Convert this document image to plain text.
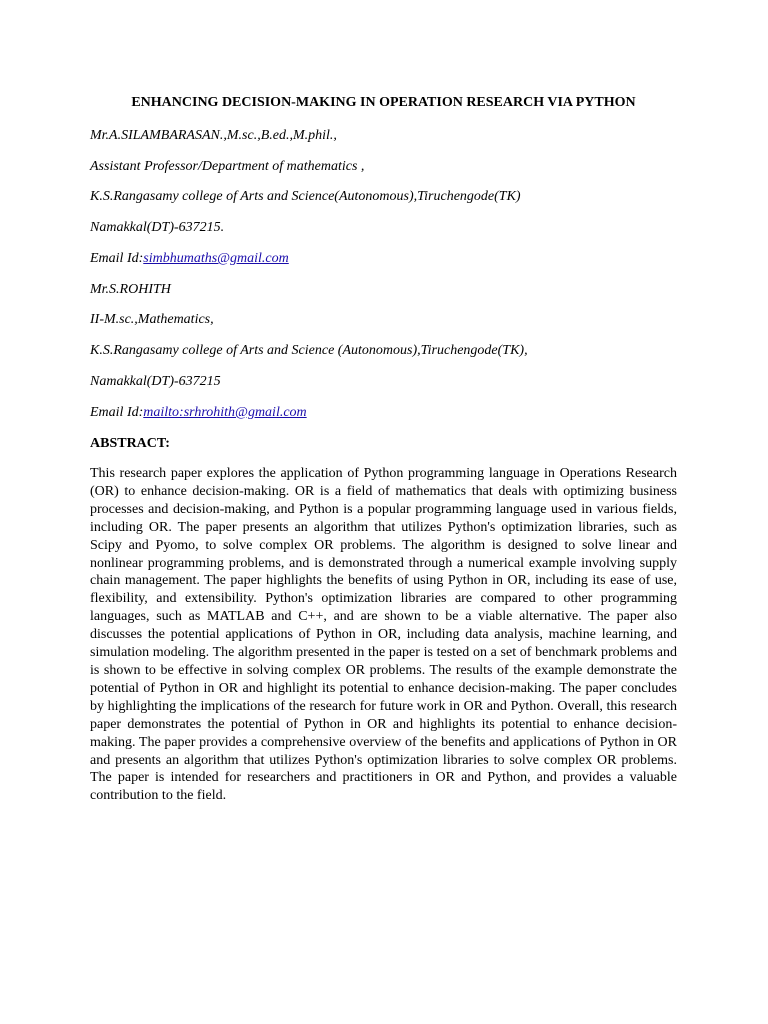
ENHANCING DECISION-MAKING IN OPERATION RESEARCH VIA PYTHON
Mr.A.SILAMBARASAN.,M.sc.,B.ed.,M.phil.,
Assistant Professor/Department of mathematics ,
K.S.Rangasamy college of Arts and Science(Autonomous),Tiruchengode(TK)
Namakkal(DT)-637215.
Email Id:simbhumaths@gmail.com
Mr.S.ROHITH
II-M.sc.,Mathematics,
K.S.Rangasamy college of Arts and Science (Autonomous),Tiruchengode(TK),
Namakkal(DT)-637215
Email Id:mailto:srhrohith@gmail.com
ABSTRACT:
This research paper explores the application of Python programming language in Operations Research (OR) to enhance decision-making. OR is a field of mathematics that deals with optimizing business processes and decision-making, and Python is a popular programming language used in various fields, including OR. The paper presents an algorithm that utilizes Python's optimization libraries, such as Scipy and Pyomo, to solve complex OR problems. The algorithm is designed to solve linear and nonlinear programming problems, and is demonstrated through a numerical example involving supply chain management. The paper highlights the benefits of using Python in OR, including its ease of use, flexibility, and extensibility. Python's optimization libraries are compared to other programming languages, such as MATLAB and C++, and are shown to be a viable alternative. The paper also discusses the potential applications of Python in OR, including data analysis, machine learning, and simulation modeling. The algorithm presented in the paper is tested on a set of benchmark problems and is shown to be effective in solving complex OR problems. The results of the example demonstrate the potential of Python in OR and highlight its potential to enhance decision-making. The paper concludes by highlighting the implications of the research for future work in OR and Python. Overall, this research paper demonstrates the potential of Python in OR and highlights its potential to enhance decision-making. The paper provides a comprehensive overview of the benefits and applications of Python in OR and presents an algorithm that utilizes Python's optimization libraries to solve complex OR problems. The paper is intended for researchers and practitioners in OR and Python, and provides a valuable contribution to the field.
